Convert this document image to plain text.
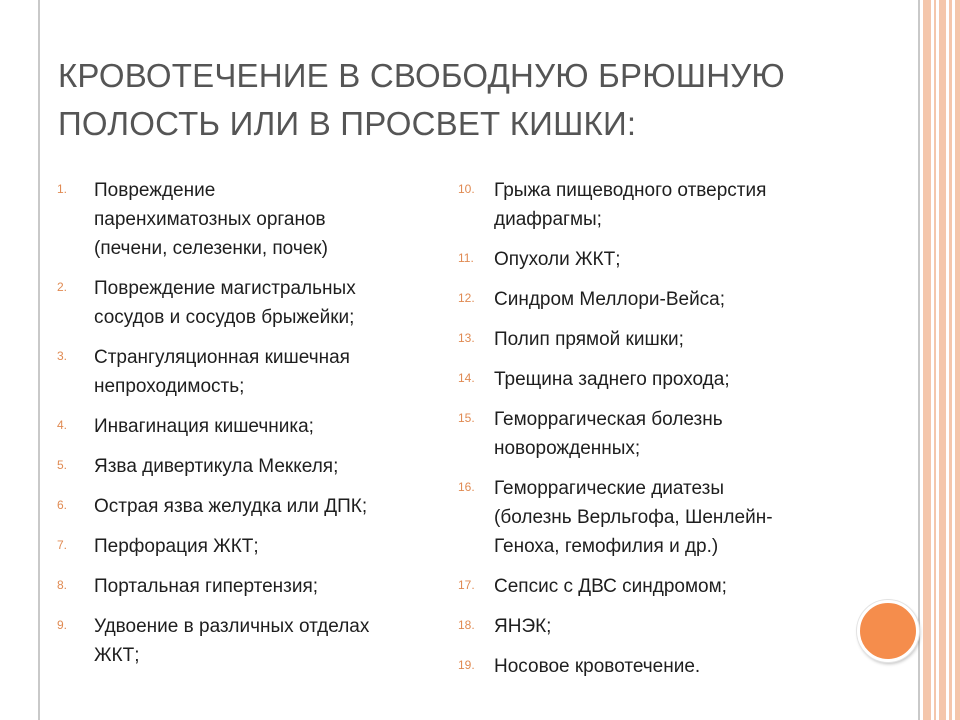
КРОВОТЕЧЕНИЕ В СВОБОДНУЮ БРЮШНУЮ
ПОЛОСТЬ ИЛИ В ПРОСВЕТ КИШКИ:
1. Повреждение
паренхиматозных органов
(печени, селезенки, почек)
2. Повреждение магистральных
сосудов и сосудов брыжейки;
3. Странгуляционная кишечная
непроходимость;
4. Инвагинация кишечника;
5. Язва дивертикула Меккеля;
6. Острая язва желудка или ДПК;
7. Перфорация ЖКТ;
8. Портальная гипертензия;
9. Удвоение в различных отделах
ЖКТ;
10. Грыжа пищеводного отверстия
диафрагмы;
11. Опухоли ЖКТ;
12. Синдром Меллори-Вейса;
13. Полип прямой кишки;
14. Трещина заднего прохода;
15. Геморрагическая болезнь
новорожденных;
16. Геморрагические диатезы
(болезнь Верльгофа, Шенлейн-
Геноха, гемофилия и др.)
17. Сепсис с ДВС синдромом;
18. ЯНЭК;
19. Носовое кровотечение.
